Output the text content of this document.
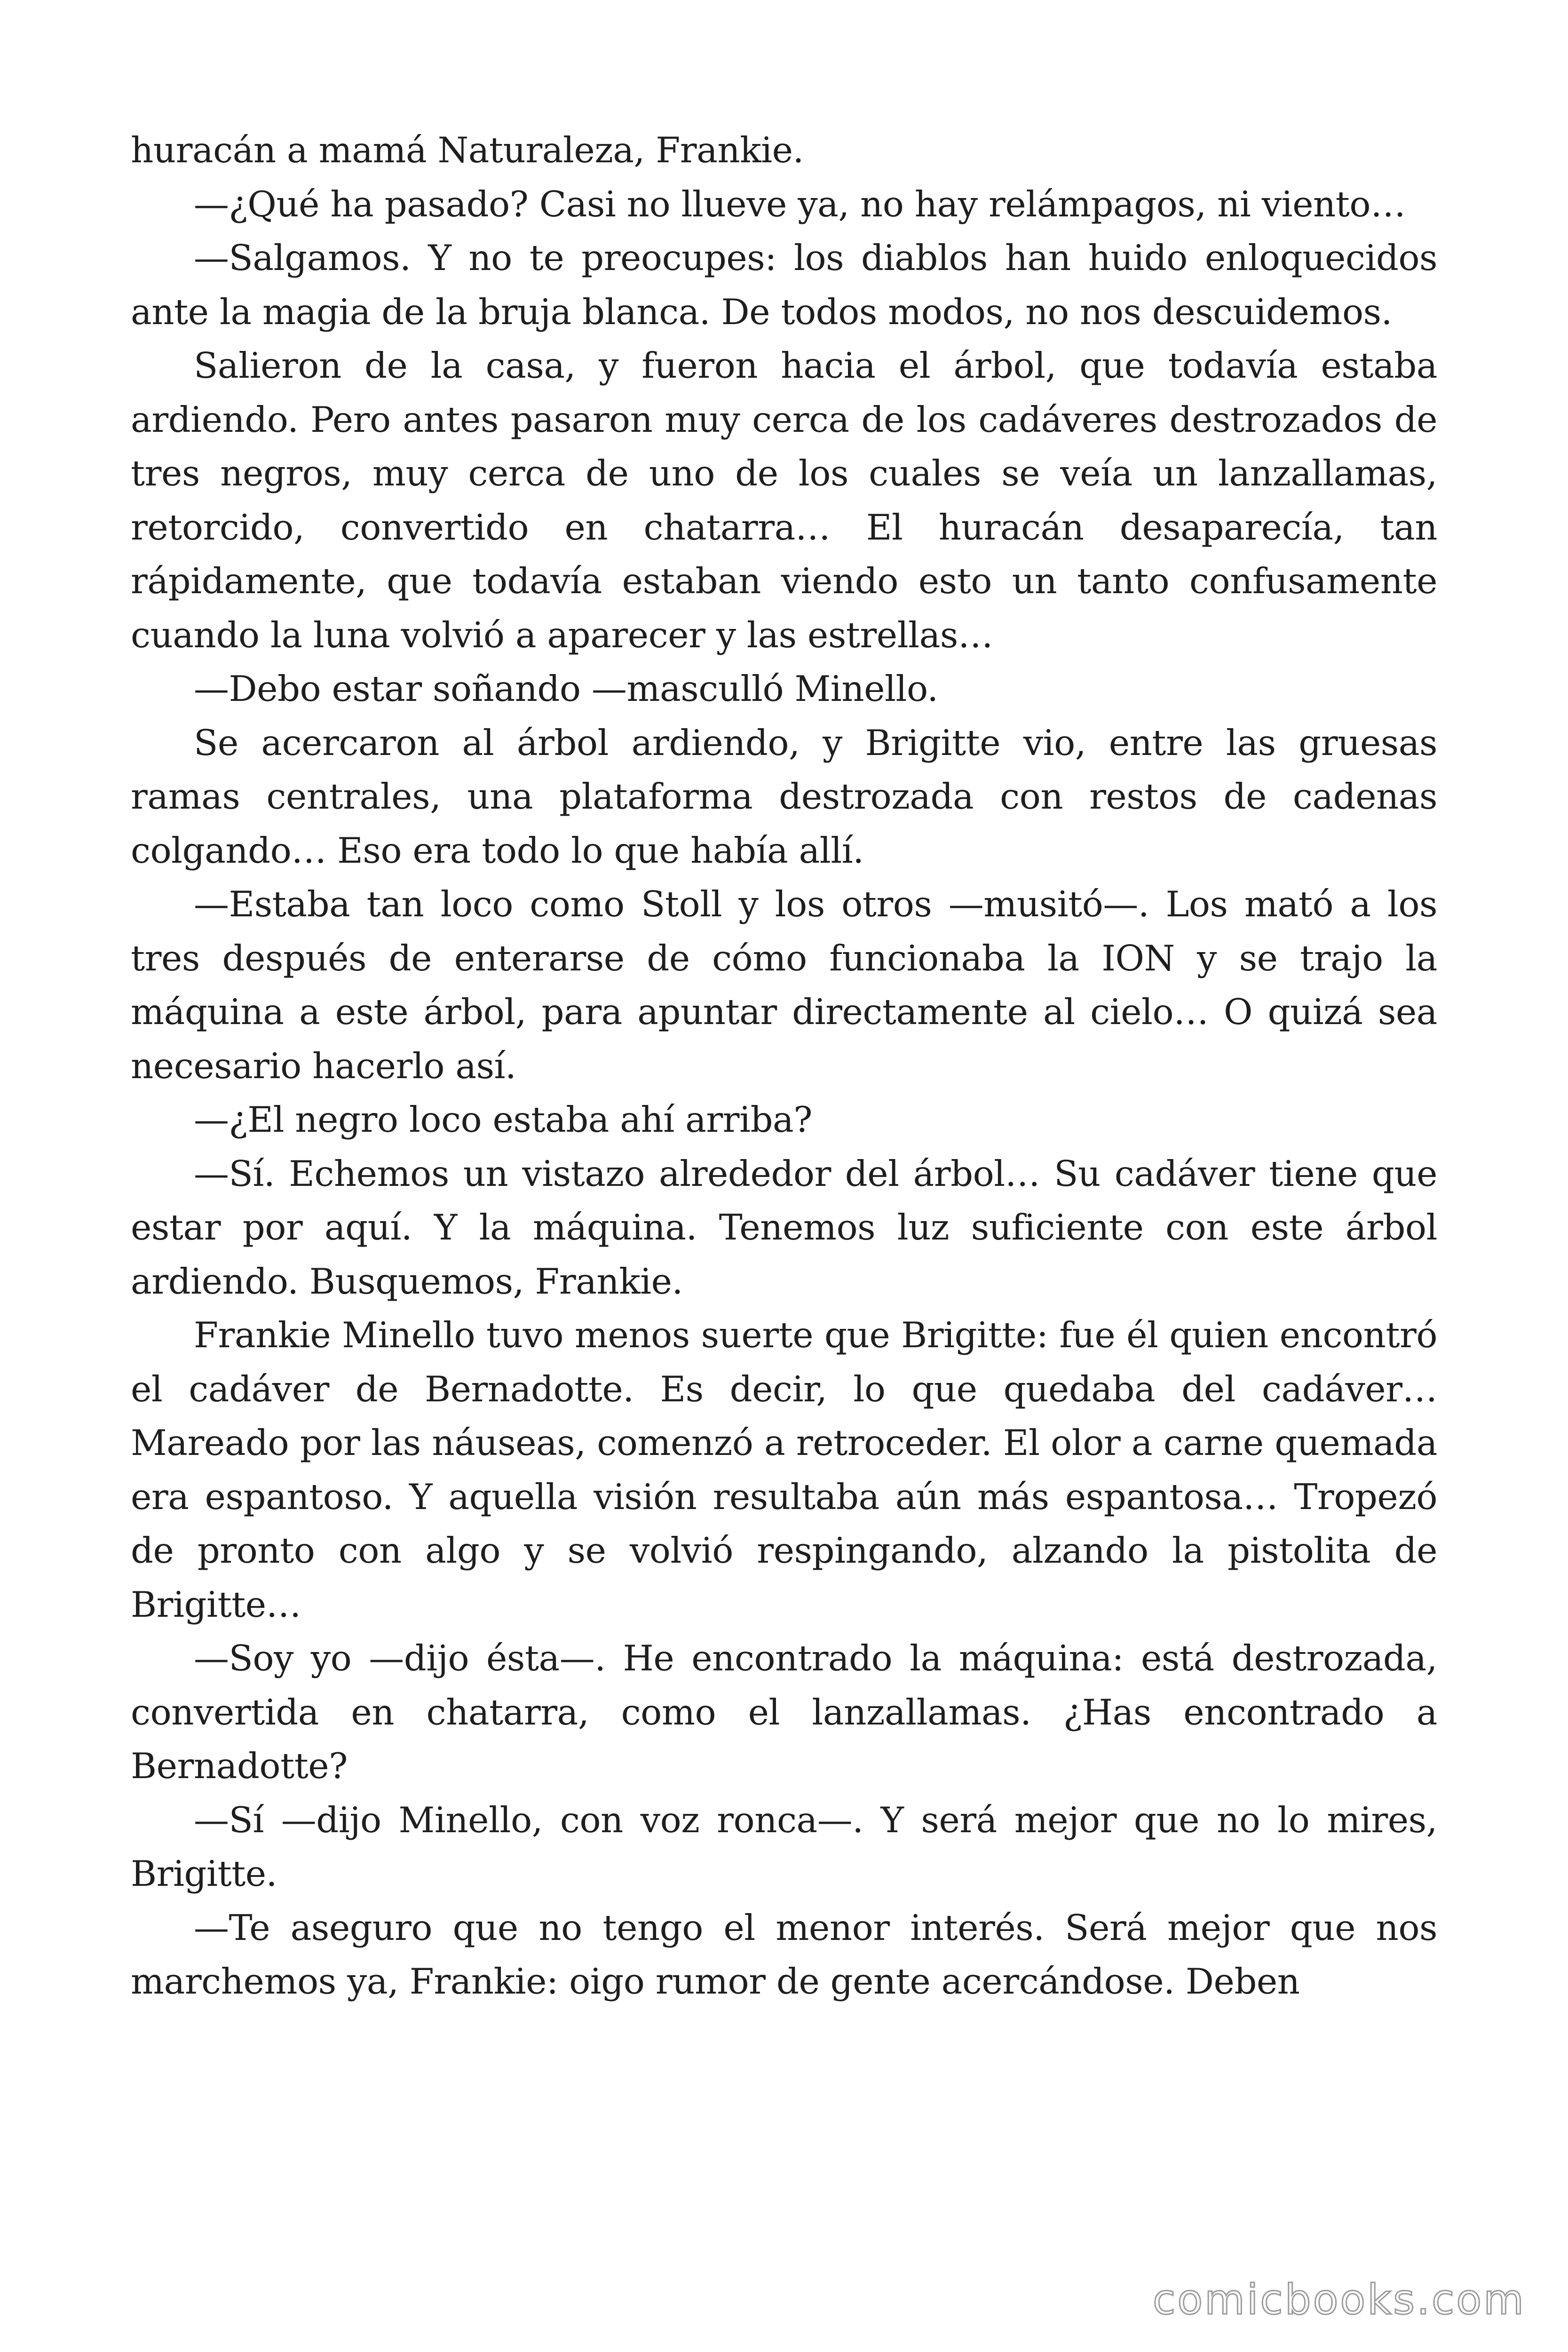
huracán a mamá Naturaleza, Frankie.

—¿Qué ha pasado? Casi no llueve ya, no hay relámpagos, ni viento…

—Salgamos. Y no te preocupes: los diablos han huido enloquecidos ante la magia de la bruja blanca. De todos modos, no nos descuidemos.

Salieron de la casa, y fueron hacia el árbol, que todavía estaba ardiendo. Pero antes pasaron muy cerca de los cadáveres destrozados de tres negros, muy cerca de uno de los cuales se veía un lanzallamas, retorcido, convertido en chatarra… El huracán desaparecía, tan rápidamente, que todavía estaban viendo esto un tanto confusamente cuando la luna volvió a aparecer y las estrellas…

—Debo estar soñando —masculló Minello.

Se acercaron al árbol ardiendo, y Brigitte vio, entre las gruesas ramas centrales, una plataforma destrozada con restos de cadenas colgando… Eso era todo lo que había allí.

—Estaba tan loco como Stoll y los otros —musitó—. Los mató a los tres después de enterarse de cómo funcionaba la ION y se trajo la máquina a este árbol, para apuntar directamente al cielo… O quizá sea necesario hacerlo así.

—¿El negro loco estaba ahí arriba?

—Sí. Echemos un vistazo alrededor del árbol… Su cadáver tiene que estar por aquí. Y la máquina. Tenemos luz suficiente con este árbol ardiendo. Busquemos, Frankie.

Frankie Minello tuvo menos suerte que Brigitte: fue él quien encontró el cadáver de Bernadotte. Es decir, lo que quedaba del cadáver… Mareado por las náuseas, comenzó a retroceder. El olor a carne quemada era espantoso. Y aquella visión resultaba aún más espantosa… Tropezó de pronto con algo y se volvió respingando, alzando la pistolita de Brigitte…

—Soy yo —dijo ésta—. He encontrado la máquina: está destrozada, convertida en chatarra, como el lanzallamas. ¿Has encontrado a Bernadotte?

—Sí —dijo Minello, con voz ronca—. Y será mejor que no lo mires, Brigitte.

—Te aseguro que no tengo el menor interés. Será mejor que nos marchemos ya, Frankie: oigo rumor de gente acercándose. Deben

comicbooks.com
